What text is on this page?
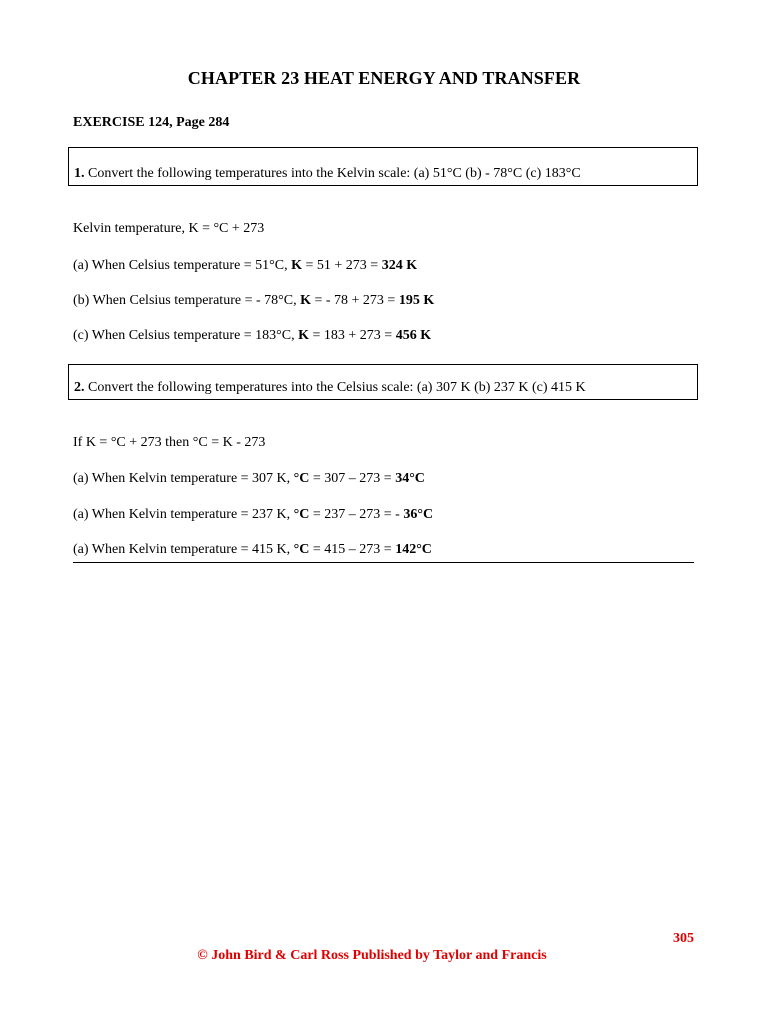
CHAPTER 23 HEAT ENERGY AND TRANSFER
EXERCISE 124, Page 284
1. Convert the following temperatures into the Kelvin scale: (a) 51°C (b) - 78°C (c) 183°C
Kelvin temperature, K = °C + 273
(a) When Celsius temperature = 51°C, K = 51 + 273 = 324 K
(b) When Celsius temperature = - 78°C, K = - 78 + 273 = 195 K
(c) When Celsius temperature = 183°C, K = 183 + 273 = 456 K
2. Convert the following temperatures into the Celsius scale: (a) 307 K (b) 237 K (c) 415 K
If K = °C + 273 then °C = K - 273
(a) When Kelvin temperature = 307 K, °C = 307 – 273 = 34°C
(a) When Kelvin temperature = 237 K, °C = 237 – 273 = - 36°C
(a) When Kelvin temperature = 415 K, °C = 415 – 273 = 142°C
305
© John Bird & Carl Ross Published by Taylor and Francis
